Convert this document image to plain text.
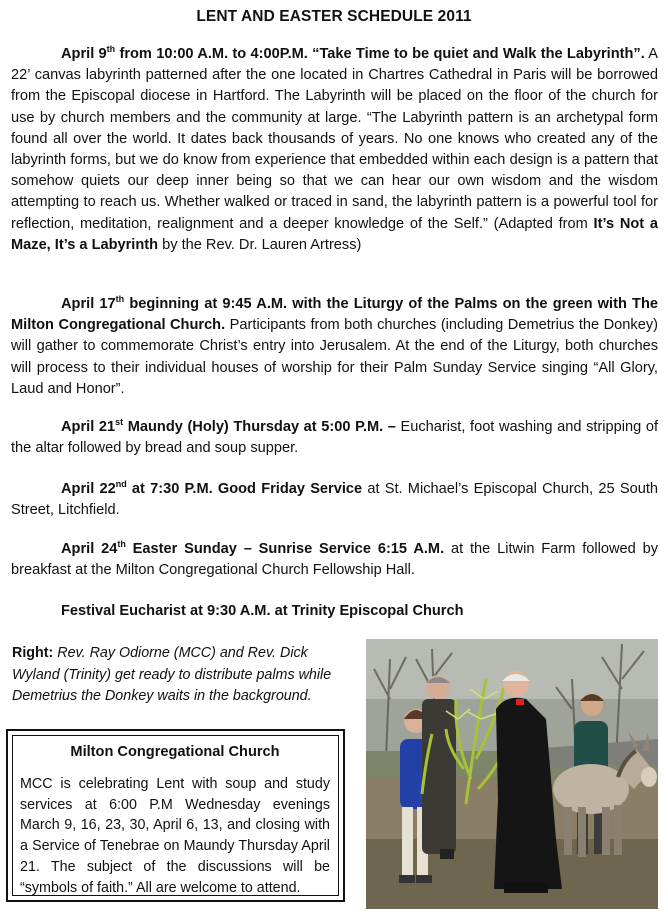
LENT AND EASTER SCHEDULE 2011

April 9th from 10:00 A.M. to 4:00P.M. “Take Time to be quiet and Walk the Labyrinth”. A 22’ canvas labyrinth patterned after the one located in Chartres Cathedral in Paris will be borrowed from the Episcopal diocese in Hartford. The Labyrinth will be placed on the floor of the church for use by church members and the community at large. “The Labyrinth pattern is an archetypal form found all over the world. It dates back thousands of years. No one knows who created any of the labyrinth forms, but we do know from experience that embedded within each design is a pattern that somehow quiets our deep inner being so that we can hear our own wisdom and the wisdom attempting to reach us. Whether walked or traced in sand, the labyrinth pattern is a powerful tool for reflection, meditation, realignment and a deeper knowledge of the Self.” (Adapted from It’s Not a Maze, It’s a Labyrinth by the Rev. Dr. Lauren Artress)

April 17th beginning at 9:45 A.M. with the Liturgy of the Palms on the green with The Milton Congregational Church. Participants from both churches (including Demetrius the Donkey) will gather to commemorate Christ’s entry into Jerusalem. At the end of the Liturgy, both churches will process to their individual houses of worship for their Palm Sunday Service singing “All Glory, Laud and Honor”.

April 21st Maundy (Holy) Thursday at 5:00 P.M. – Eucharist, foot washing and stripping of the altar followed by bread and soup supper.

April 22nd at 7:30 P.M. Good Friday Service at St. Michael’s Episcopal Church, 25 South Street, Litchfield.

April 24th Easter Sunday – Sunrise Service 6:15 A.M. at the Litwin Farm followed by breakfast at the Milton Congregational Church Fellowship Hall.

Festival Eucharist at 9:30 A.M. at Trinity Episcopal Church

Right: Rev. Ray Odiorne (MCC) and Rev. Dick Wyland (Trinity) get ready to distribute palms while Demetrius the Donkey waits in the background.

Milton Congregational Church

MCC is celebrating Lent with soup and study services at 6:00 P.M Wednesday evenings March 9, 16, 23, 30, April 6, 13, and closing with a Service of Tenebrae on Maundy Thursday April 21. The subject of the discussions will be “symbols of faith.” All are welcome to attend.
